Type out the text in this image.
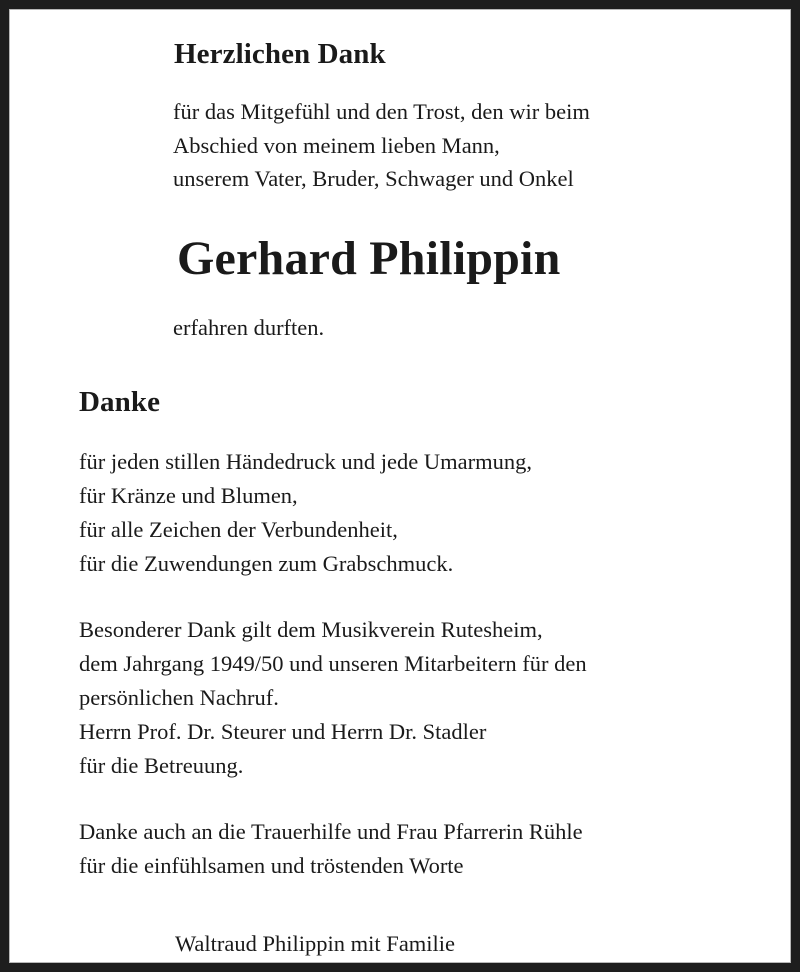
Herzlichen Dank

für das Mitgefühl und den Trost, den wir beim
Abschied von meinem lieben Mann,
unserem Vater, Bruder, Schwager und Onkel

Gerhard Philippin

erfahren durften.

Danke

für jeden stillen Händedruck und jede Umarmung,
für Kränze und Blumen,
für alle Zeichen der Verbundenheit,
für die Zuwendungen zum Grabschmuck.

Besonderer Dank gilt dem Musikverein Rutesheim,
dem Jahrgang 1949/50 und unseren Mitarbeitern für den
persönlichen Nachruf.
Herrn Prof. Dr. Steurer und Herrn Dr. Stadler
für die Betreuung.

Danke auch an die Trauerhilfe und Frau Pfarrerin Rühle
für die einfühlsamen und tröstenden Worte

Waltraud Philippin mit Familie
